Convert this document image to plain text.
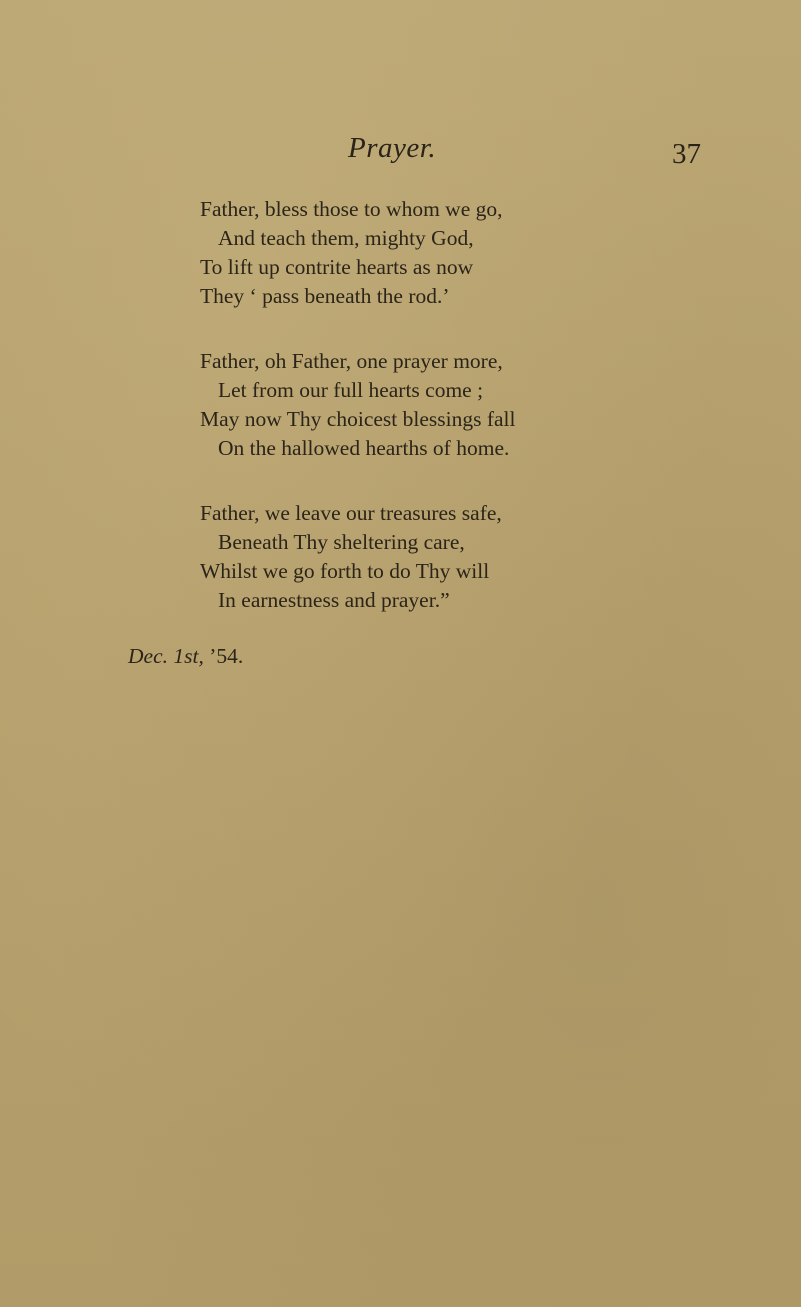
Prayer.	37
Father, bless those to whom we go,
And teach them, mighty God,
To lift up contrite hearts as now
They ‘ pass beneath the rod.’
Father, oh Father, one prayer more,
Let from our full hearts come ;
May now Thy choicest blessings fall
On the hallowed hearths of home.
Father, we leave our treasures safe,
Beneath Thy sheltering care,
Whilst we go forth to do Thy will
In earnestness and prayer.”
Dec. 1st, ’54.
